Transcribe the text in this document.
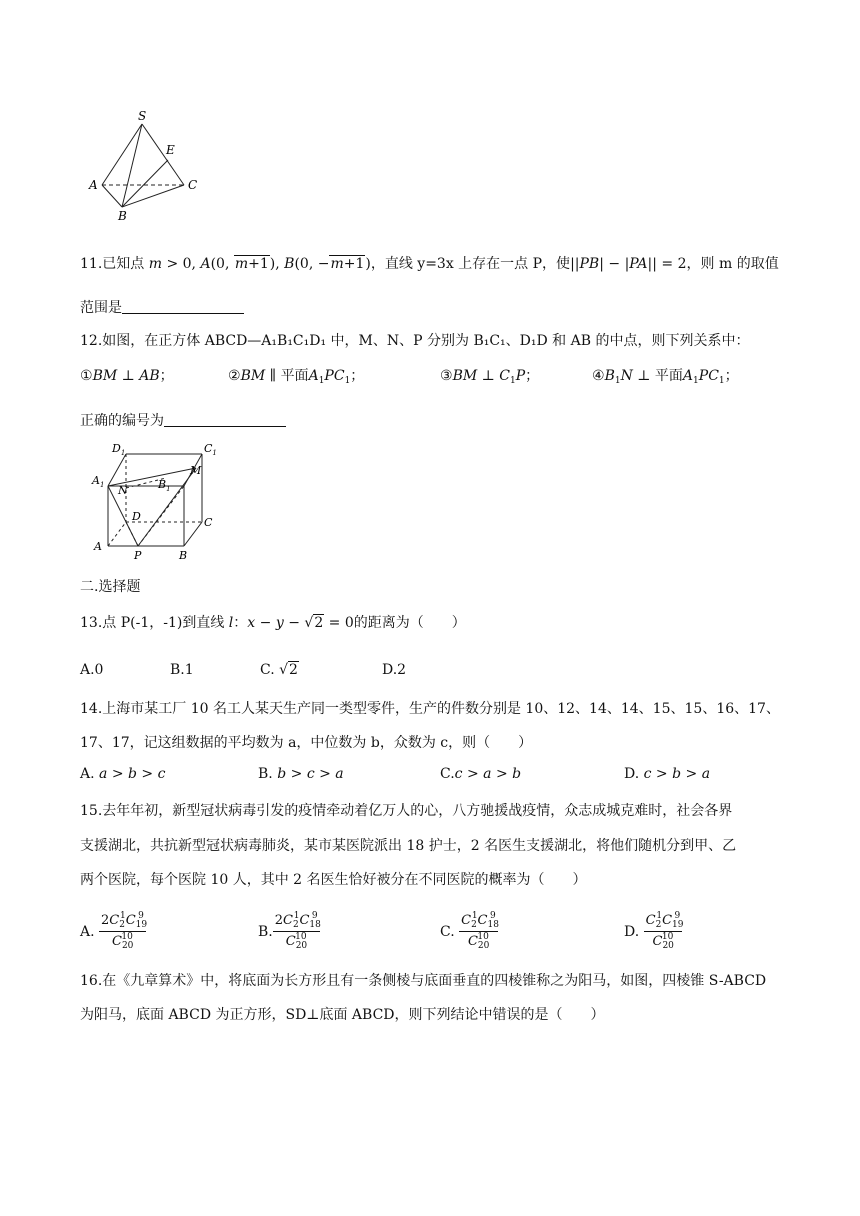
S
E
A
B
C
11.已知点 m > 0, A(0, m+1), B(0, −m+1)，直线 y=3x 上存在一点 P，使||PB| − |PA|| = 2，则 m 的取值
范围是
12.如图，在正方体 ABCD—A₁B₁C₁D₁ 中，M、N、P 分别为 B₁C₁、D₁D 和 AB 的中点，则下列关系中：
①BM ⊥ AB；	②BM ∥ 平面$A_1PC_1$；	③BM ⊥ $C_1P$；	$④B_1N$ ⊥ 平面$A_1PC_1$；
正确的编号为
$D_1$	$C_1$
$A_1$	$B_1$
M
N
D	C
A
P	B
二.选择题
13.点 P(-1，-1)到直线 l：x − y − √2 = 0的距离为（　　）
A.0	B.1	C. √2	D.2
14.上海市某工厂 10 名工人某天生产同一类型零件，生产的件数分别是 10、12、14、14、15、15、16、17、
17、17，记这组数据的平均数为 a，中位数为 b，众数为 c，则（　　）
A. a > b > c	B. b > c > a	C.c > a > b	D. c > b > a
15.去年年初，新型冠状病毒引发的疫情牵动着亿万人的心，八方驰援战疫情，众志成城克难时，社会各界
支援湖北，共抗新型冠状病毒肺炎，某市某医院派出 18 护士，2 名医生支援湖北，将他们随机分到甲、乙
两个医院，每个医院 10 人，其中 2 名医生恰好被分在不同医院的概率为（　　）
A. $\frac{2C_2^1C_{19}^9}{C_{20}^{10}}$	B. $\frac{2C_2^1C_{18}^9}{C_{20}^{10}}$	C. $\frac{C_2^1C_{18}^9}{C_{20}^{10}}$	D. $\frac{C_2^1C_{19}^9}{C_{20}^{10}}$
16.在《九章算术》中，将底面为长方形且有一条侧棱与底面垂直的四棱锥称之为阳马，如图，四棱锥 S-ABCD
为阳马，底面 ABCD 为正方形，SD⊥底面 ABCD，则下列结论中错误的是（　　）
